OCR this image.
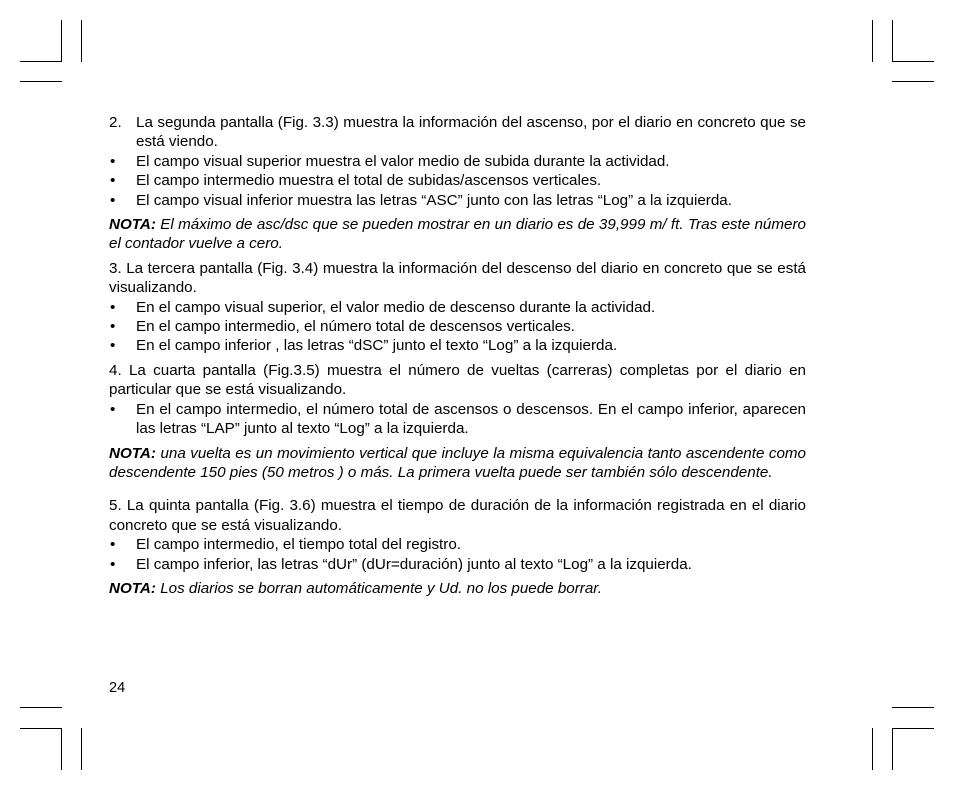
2. La segunda pantalla (Fig. 3.3) muestra la información del ascenso, por el diario en concreto que se está viendo.
• El campo visual superior muestra el valor medio de subida durante la actividad.
• El campo intermedio muestra el total de subidas/ascensos verticales.
• El campo visual inferior muestra las letras “ASC” junto con las letras “Log” a la izquierda.

NOTA: El máximo de asc/dsc que se pueden mostrar en un diario es de 39,999 m/ ft. Tras este número el contador vuelve a cero.

3. La tercera pantalla (Fig. 3.4) muestra la información del descenso del diario en concreto que se está visualizando.

• En el campo visual superior, el valor medio de descenso durante la actividad.
• En el campo intermedio, el número total de descensos verticales.
• En el campo inferior , las letras “dSC” junto el texto “Log” a la izquierda.

4. La cuarta pantalla (Fig.3.5) muestra el número de vueltas (carreras) completas por el diario en particular que se está visualizando.

• En el campo intermedio, el número total de ascensos o descensos. En el campo inferior, aparecen las letras “LAP” junto al texto “Log” a la izquierda.

NOTA: una vuelta es un movimiento vertical que incluye la misma equivalencia tanto ascendente como descendente 150 pies (50 metros ) o más. La primera vuelta puede ser también sólo descendente.

5. La quinta pantalla (Fig. 3.6) muestra el tiempo de duración de la información registrada en el diario concreto que se está visualizando.

• El campo intermedio, el tiempo total del registro.
• El campo inferior, las letras “dUr” (dUr=duración) junto al texto “Log” a la izquierda.

NOTA: Los diarios se borran automáticamente y Ud. no los puede borrar.

24
